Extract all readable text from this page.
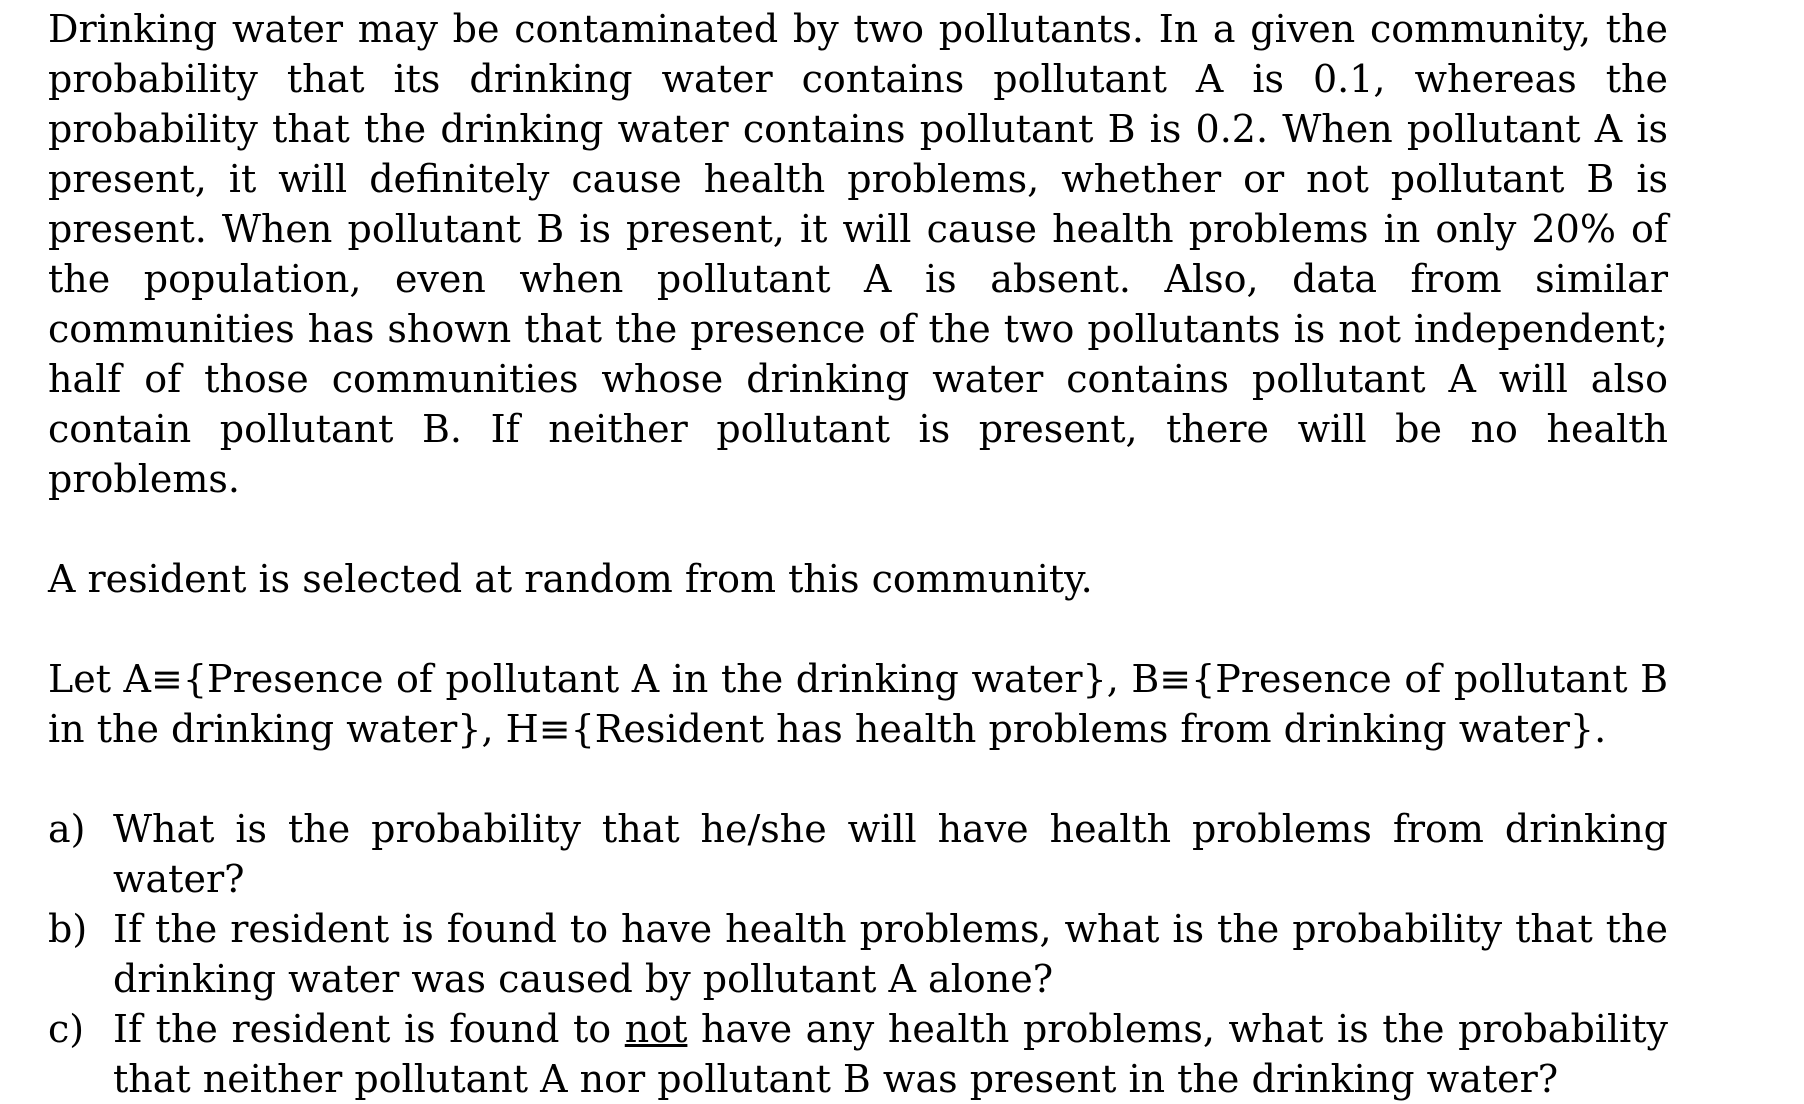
Drinking water may be contaminated by two pollutants. In a given community, the probability that its drinking water contains pollutant A is 0.1, whereas the probability that the drinking water contains pollutant B is 0.2. When pollutant A is present, it will definitely cause health problems, whether or not pollutant B is present. When pollutant B is present, it will cause health problems in only 20% of the population, even when pollutant A is absent. Also, data from similar communities has shown that the presence of the two pollutants is not independent; half of those communities whose drinking water contains pollutant A will also contain pollutant B. If neither pollutant is present, there will be no health problems.

A resident is selected at random from this community.

Let A≡{Presence of pollutant A in the drinking water}, B≡{Presence of pollutant B in the drinking water}, H≡{Resident has health problems from drinking water}.

a) What is the probability that he/she will have health problems from drinking water?
b) If the resident is found to have health problems, what is the probability that the drinking water was caused by pollutant A alone?
c) If the resident is found to not have any health problems, what is the probability that neither pollutant A nor pollutant B was present in the drinking water?
